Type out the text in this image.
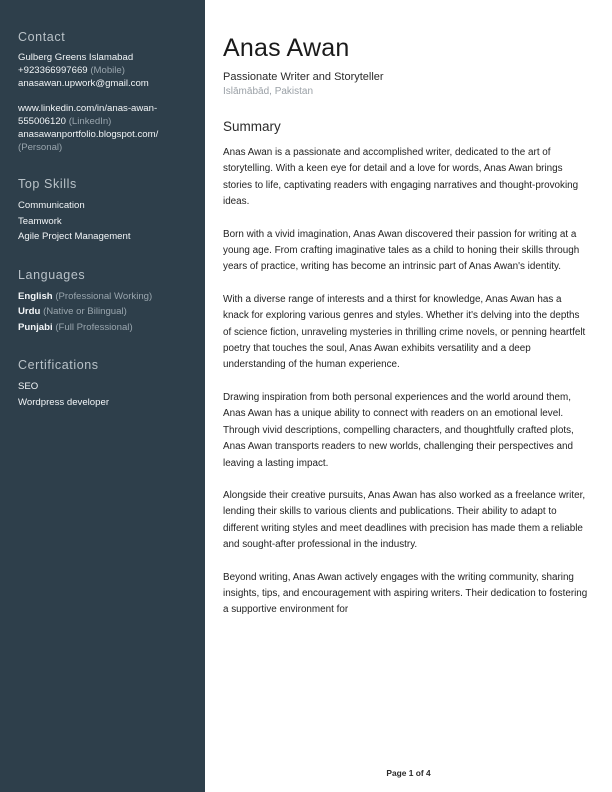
Contact

Gulberg Greens Islamabad

+923366997669 (Mobile)

anasawan.upwork@gmail.com

www.linkedin.com/in/anas-awan-555006120 (LinkedIn)

anasawanportfolio.blogspot.com/ (Personal)

Top Skills

Communication

Teamwork

Agile Project Management

Languages

English (Professional Working)

Urdu (Native or Bilingual)

Punjabi (Full Professional)

Certifications

SEO

Wordpress developer

Anas Awan

Passionate Writer and Storyteller

Islāmābād, Pakistan

Summary

Anas Awan is a passionate and accomplished writer, dedicated to the art of storytelling. With a keen eye for detail and a love for words, Anas Awan brings stories to life, captivating readers with engaging narratives and thought-provoking ideas.

Born with a vivid imagination, Anas Awan discovered their passion for writing at a young age. From crafting imaginative tales as a child to honing their skills through years of practice, writing has become an intrinsic part of Anas Awan's identity.

With a diverse range of interests and a thirst for knowledge, Anas Awan has a knack for exploring various genres and styles. Whether it's delving into the depths of science fiction, unraveling mysteries in thrilling crime novels, or penning heartfelt poetry that touches the soul, Anas Awan exhibits versatility and a deep understanding of the human experience.

Drawing inspiration from both personal experiences and the world around them, Anas Awan has a unique ability to connect with readers on an emotional level. Through vivid descriptions, compelling characters, and thoughtfully crafted plots, Anas Awan transports readers to new worlds, challenging their perspectives and leaving a lasting impact.

Alongside their creative pursuits, Anas Awan has also worked as a freelance writer, lending their skills to various clients and publications. Their ability to adapt to different writing styles and meet deadlines with precision has made them a reliable and sought-after professional in the industry.

Beyond writing, Anas Awan actively engages with the writing community, sharing insights, tips, and encouragement with aspiring writers. Their dedication to fostering a supportive environment for

Page 1 of 4
